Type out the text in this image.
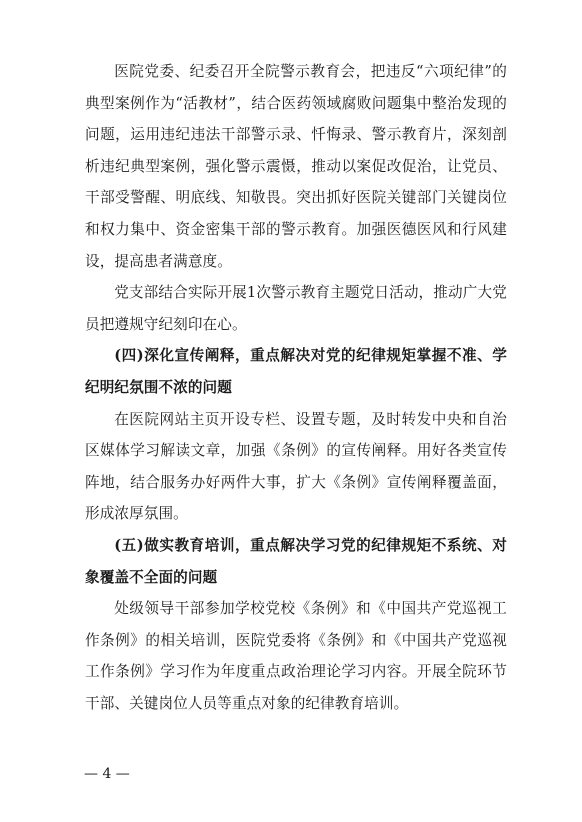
医院党委、纪委召开全院警示教育会，把违反“六项纪律”的典型案例作为“活教材”，结合医药领域腐败问题集中整治发现的问题，运用违纪违法干部警示录、忏悔录、警示教育片，深刻剖析违纪典型案例，强化警示震慑，推动以案促改促治，让党员、干部受警醒、明底线、知敬畏。突出抓好医院关键部门关键岗位和权力集中、资金密集干部的警示教育。加强医德医风和行风建设，提高患者满意度。

党支部结合实际开展1次警示教育主题党日活动，推动广大党员把遵规守纪刻印在心。

(四)深化宣传阐释，重点解决对党的纪律规矩掌握不准、学纪明纪氛围不浓的问题

在医院网站主页开设专栏、设置专题，及时转发中央和自治区媒体学习解读文章，加强《条例》的宣传阐释。用好各类宣传阵地，结合服务办好两件大事，扩大《条例》宣传阐释覆盖面，形成浓厚氛围。

(五)做实教育培训，重点解决学习党的纪律规矩不系统、对象覆盖不全面的问题

处级领导干部参加学校党校《条例》和《中国共产党巡视工作条例》的相关培训，医院党委将《条例》和《中国共产党巡视工作条例》学习作为年度重点政治理论学习内容。开展全院环节干部、关键岗位人员等重点对象的纪律教育培训。

— 4 —
